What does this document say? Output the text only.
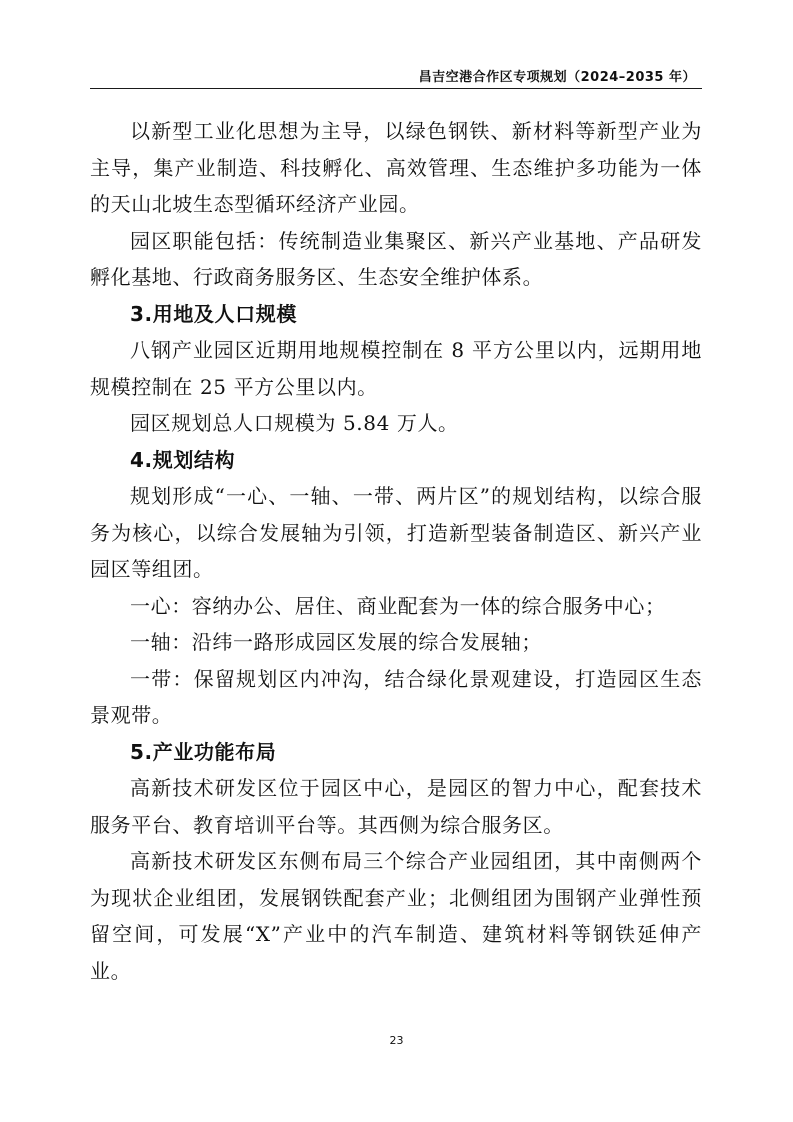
昌吉空港合作区专项规划（2024–2035 年）

以新型工业化思想为主导，以绿色钢铁、新材料等新型产业为主导，集产业制造、科技孵化、高效管理、生态维护多功能为一体的天山北坡生态型循环经济产业园。

园区职能包括：传统制造业集聚区、新兴产业基地、产品研发孵化基地、行政商务服务区、生态安全维护体系。

3.用地及人口规模

八钢产业园区近期用地规模控制在 8 平方公里以内，远期用地规模控制在 25 平方公里以内。

园区规划总人口规模为 5.84 万人。

4.规划结构

规划形成“一心、一轴、一带、两片区”的规划结构，以综合服务为核心，以综合发展轴为引领，打造新型装备制造区、新兴产业园区等组团。

一心：容纳办公、居住、商业配套为一体的综合服务中心；

一轴：沿纬一路形成园区发展的综合发展轴；

一带：保留规划区内冲沟，结合绿化景观建设，打造园区生态景观带。

5.产业功能布局

高新技术研发区位于园区中心，是园区的智力中心，配套技术服务平台、教育培训平台等。其西侧为综合服务区。

高新技术研发区东侧布局三个综合产业园组团，其中南侧两个为现状企业组团，发展钢铁配套产业；北侧组团为围钢产业弹性预留空间，可发展“X”产业中的汽车制造、建筑材料等钢铁延伸产业。

23
